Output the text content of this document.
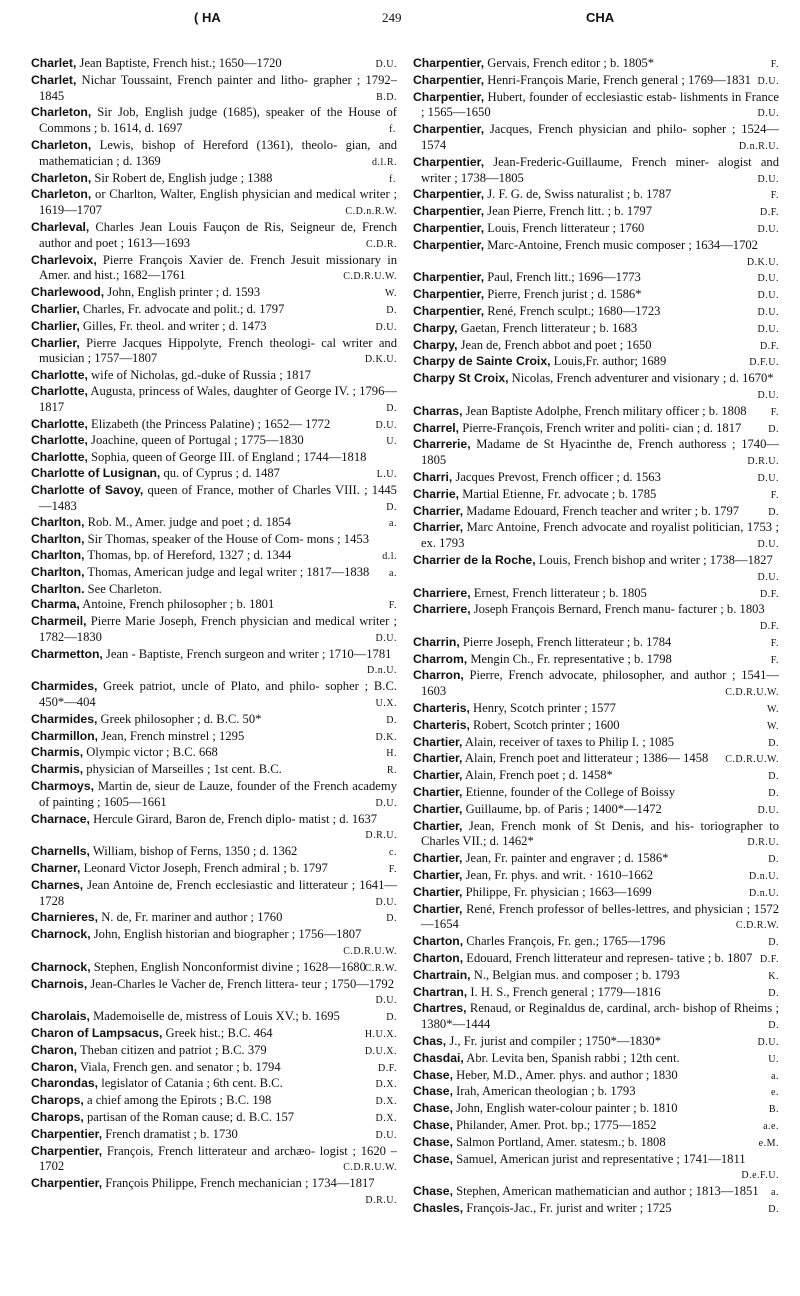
( HA	249	CHA
Charlet, Jean Baptiste, French hist.; 1650—1720	D.U.
Charlet, Nichar Toussaint, French painter and litho- grapher ; 1792–1845	B.D.
Charleton, Sir Job, English judge (1685), speaker of the House of Commons ; b. 1614, d. 1697	f.
Charleton, Lewis, bishop of Hereford (1361), theolo- gian, and mathematician ; d. 1369	d.l.R.
Charleton, Sir Robert de, English judge ; 1388	f.
Charleton, or Charlton, Walter, English physician and medical writer ; 1619—1707	C.D.n.R.W.
Charleval, Charles Jean Louis Fauçon de Ris, Seigneur de, French author and poet ; 1613—1693	C.D.R.
Charlevoix, Pierre François Xavier de. French Jesuit missionary in Amer. and hist.; 1682—1761	C.D.R.U.W.
Charlewood, John, English printer ; d. 1593	W.
Charlier, Charles, Fr. advocate and polit.; d. 1797	D.
Charlier, Gilles, Fr. theol. and writer ; d. 1473	D.U.
Charlier, Pierre Jacques Hippolyte, French theologi- cal writer and musician ; 1757—1807	D.K.U.
Charlotte, wife of Nicholas, gd.-duke of Russia ; 1817
Charlotte, Augusta, princess of Wales, daughter of George IV. ; 1796—1817	D.
Charlotte, Elizabeth (the Princess Palatine) ; 1652— 1772	D.U.
Charlotte, Joachine, queen of Portugal ; 1775—1830	U.
Charlotte, Sophia, queen of George III. of England ; 1744—1818
Charlotte of Lusignan, qu. of Cyprus ; d. 1487	L.U.
Charlotte of Savoy, queen of France, mother of Charles VIII. ; 1445—1483	D.
Charlton, Rob. M., Amer. judge and poet ; d. 1854	a.
Charlton, Sir Thomas, speaker of the House of Com- mons ; 1453
Charlton, Thomas, bp. of Hereford, 1327 ; d. 1344	d.l.
Charlton, Thomas, American judge and legal writer ; 1817—1838 a.
Charlton. See Charleton.
Charma, Antoine, French philosopher ; b. 1801	F.
Charmeil, Pierre Marie Joseph, French physician and medical writer ; 1782—1830	D.U.
Charmetton, Jean - Baptiste, French surgeon and writer ; 1710—1781
D.n.U.
Charmides, Greek patriot, uncle of Plato, and philo- sopher ; B.C. 450*—404	U.X.
Charmides, Greek philosopher ; d. B.C. 50*	D.
Charmillon, Jean, French minstrel ; 1295	D.K.
Charmis, Olympic victor ; B.C. 668	H.
Charmis, physician of Marseilles ; 1st cent. B.C.	R.
Charmoys, Martin de, sieur de Lauze, founder of the French academy of painting ; 1605—1661	D.U.
Charnace, Hercule Girard, Baron de, French diplo- matist ; d. 1637
D.R.U.
Charnells, William, bishop of Ferns, 1350 ; d. 1362	c.
Charner, Leonard Victor Joseph, French admiral ; b. 1797	F.
Charnes, Jean Antoine de, French ecclesiastic and litterateur ; 1641—1728	D.U.
Charnieres, N. de, Fr. mariner and author ; 1760	D.
Charnock, John, English historian and biographer ; 1756—1807
C.D.R.U.W.
Charnock, Stephen, English Nonconformist divine ; 1628—1680
C.R.W.
Charnois, Jean-Charles le Vacher de, French littera- teur ; 1750—1792
D.U.
Charolais, Mademoiselle de, mistress of Louis XV.; b. 1695	D.
Charon of Lampsacus, Greek hist.; B.C. 464	H.U.X.
Charon, Theban citizen and patriot ; B.C. 379	D.U.X.
Charon, Viala, French gen. and senator ; b. 1794	D.F.
Charondas, legislator of Catania ; 6th cent. B.C.	D.X.
Charops, a chief among the Epirots ; B.C. 198	D.X.
Charops, partisan of the Roman cause; d. B.C. 157	D.X.
Charpentier, French dramatist ; b. 1730	D.U.
Charpentier, François, French litterateur and archæo- logist ; 1620 –1702	C.D.R.U.W.
Charpentier, François Philippe, French mechanician ; 1734—1817
D.R.U.
Charpentier, Gervais, French editor ; b. 1805*	F.
Charpentier, Henri-François Marie, French general ; 1769—1831 D.U.
Charpentier, Hubert, founder of ecclesiastic estab- lishments in France ; 1565—1650	D.U.
Charpentier, Jacques, French physician and philo- sopher ; 1524—1574	D.n.R.U.
Charpentier, Jean-Frederic-Guillaume, French miner- alogist and writer ; 1738—1805	D.U.
Charpentier, J. F. G. de, Swiss naturalist ; b. 1787	F.
Charpentier, Jean Pierre, French litt. ; b. 1797	D.F.
Charpentier, Louis, French litterateur ; 1760	D.U.
Charpentier, Marc-Antoine, French music composer ; 1634—1702
D.K.U.
Charpentier, Paul, French litt.; 1696—1773	D.U.
Charpentier, Pierre, French jurist ; d. 1586*	D.U.
Charpentier, René, French sculpt.; 1680—1723	D.U.
Charpy, Gaetan, French litterateur ; b. 1683	D.U.
Charpy, Jean de, French abbot and poet ; 1650	D.F.
Charpy de Sainte Croix, Louis,Fr. author; 1689	D.F.U.
Charpy St Croix, Nicolas, French adventurer and visionary ; d. 1670*
D.U.
Charras, Jean Baptiste Adolphe, French military officer ; b. 1808 F.
Charrel, Pierre-François, French writer and politi- cian ; d. 1817	D.
Charrerie, Madame de St Hyacinthe de, French authoress ; 1740—1805	D.R.U.
Charri, Jacques Prevost, French officer ; d. 1563	D.U.
Charrie, Martial Etienne, Fr. advocate ; b. 1785	F.
Charrier, Madame Edouard, French teacher and writer ; b. 1797	D.
Charrier, Marc Antoine, French advocate and royalist politician, 1753 ; ex. 1793	D.U.
Charrier de la Roche, Louis, French bishop and writer ; 1738—1827
D.U.
Charriere, Ernest, French litterateur ; b. 1805	D.F.
Charriere, Joseph François Bernard, French manu- facturer ; b. 1803
D.F.
Charrin, Pierre Joseph, French litterateur ; b. 1784	F.
Charrom, Mengin Ch., Fr. representative ; b. 1798	F.
Charron, Pierre, French advocate, philosopher, and author ; 1541—1603	C.D.R.U.W.
Charteris, Henry, Scotch printer ; 1577	W.
Charteris, Robert, Scotch printer ; 1600	W.
Chartier, Alain, receiver of taxes to Philip I. ; 1085	D.
Chartier, Alain, French poet and litterateur ; 1386— 1458 C.D.R.U.W.
Chartier, Alain, French poet ; d. 1458*	D.
Chartier, Etienne, founder of the College of Boissy	D.
Chartier, Guillaume, bp. of Paris ; 1400*—1472	D.U.
Chartier, Jean, French monk of St Denis, and his- toriographer to Charles VII.; d. 1462*	D.R.U.
Chartier, Jean, Fr. painter and engraver ; d. 1586*	D.
Chartier, Jean, Fr. phys. and writ. · 1610–1662	D.n.U.
Chartier, Philippe, Fr. physician ; 1663—1699	D.n.U.
Chartier, René, French professor of belles-lettres, and physician ; 1572—1654	C.D.R.W.
Charton, Charles François, Fr. gen.; 1765—1796	D.
Charton, Edouard, French litterateur and represen- tative ; b. 1807 D.F.
Chartrain, N., Belgian mus. and composer ; b. 1793	K.
Chartran, I. H. S., French general ; 1779—1816	D.
Chartres, Renaud, or Reginaldus de, cardinal, arch- bishop of Rheims ; 1380*—1444	D.
Chas, J., Fr. jurist and compiler ; 1750*—1830*	D.U.
Chasdai, Abr. Levita ben, Spanish rabbi ; 12th cent.	U.
Chase, Heber, M.D., Amer. phys. and author ; 1830	a.
Chase, Irah, American theologian ; b. 1793	e.
Chase, John, English water-colour painter ; b. 1810	B.
Chase, Philander, Amer. Prot. bp.; 1775—1852	a.e.
Chase, Salmon Portland, Amer. statesm.; b. 1808	e.M.
Chase, Samuel, American jurist and representative ; 1741—1811
D.e.F.U.
Chase, Stephen, American mathematician and author ; 1813—1851 a.
Chasles, François-Jac., Fr. jurist and writer ; 1725	D.
